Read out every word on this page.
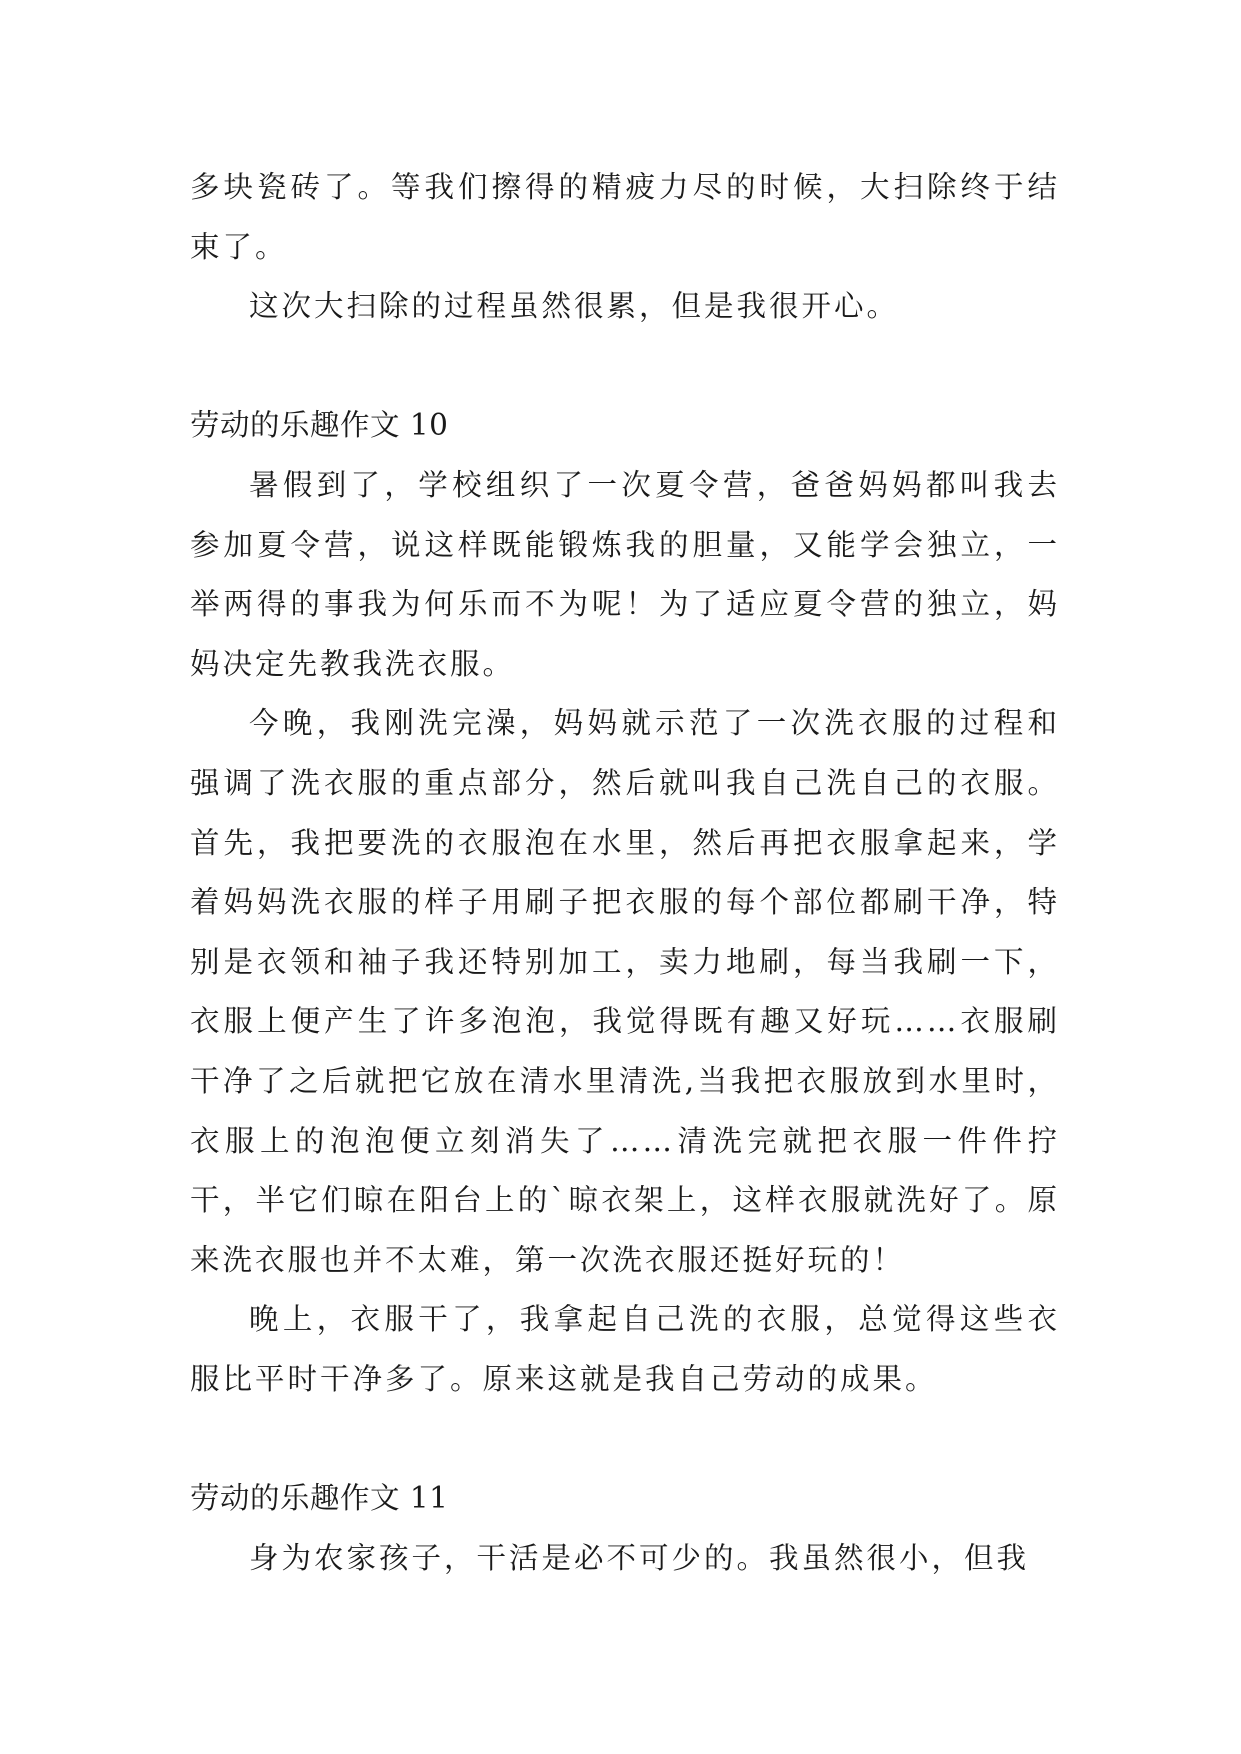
多块瓷砖了。等我们擦得的精疲力尽的时候，大扫除终于结束了。

这次大扫除的过程虽然很累，但是我很开心。

劳动的乐趣作文 10

暑假到了，学校组织了一次夏令营，爸爸妈妈都叫我去参加夏令营，说这样既能锻炼我的胆量，又能学会独立，一举两得的事我为何乐而不为呢！为了适应夏令营的独立，妈妈决定先教我洗衣服。

今晚，我刚洗完澡，妈妈就示范了一次洗衣服的过程和强调了洗衣服的重点部分，然后就叫我自己洗自己的衣服。首先，我把要洗的衣服泡在水里，然后再把衣服拿起来，学着妈妈洗衣服的样子用刷子把衣服的每个部位都刷干净，特别是衣领和袖子我还特别加工，卖力地刷，每当我刷一下，衣服上便产生了许多泡泡，我觉得既有趣又好玩……衣服刷干净了之后就把它放在清水里清洗,当我把衣服放到水里时，衣服上的泡泡便立刻消失了……清洗完就把衣服一件件拧干，半它们晾在阳台上的`晾衣架上，这样衣服就洗好了。原来洗衣服也并不太难，第一次洗衣服还挺好玩的！

晚上，衣服干了，我拿起自己洗的衣服，总觉得这些衣服比平时干净多了。原来这就是我自己劳动的成果。

劳动的乐趣作文 11

身为农家孩子，干活是必不可少的。我虽然很小，但我
